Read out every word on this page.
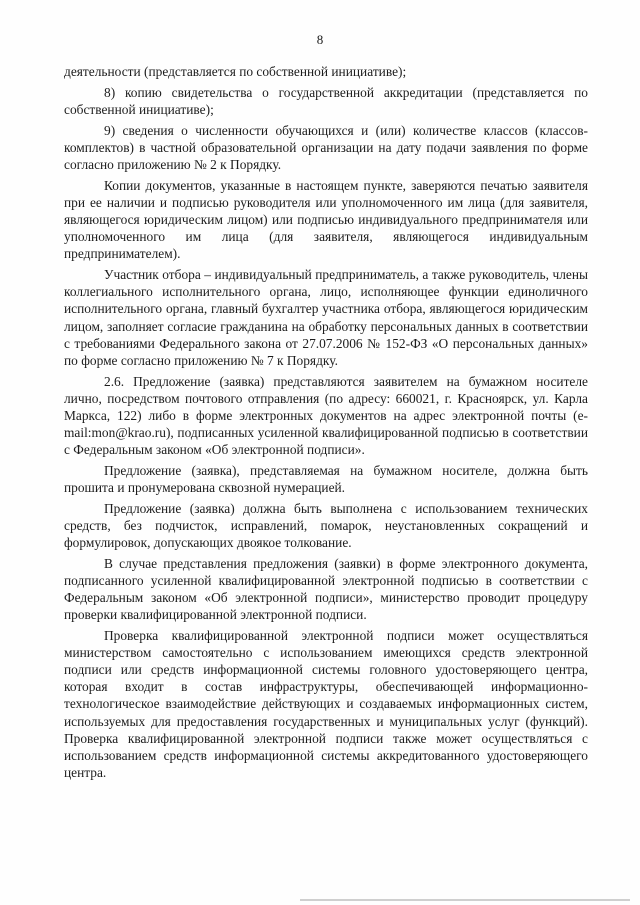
8

деятельности (представляется по собственной инициативе);

8) копию свидетельства о государственной аккредитации (представляется по собственной инициативе);

9) сведения о численности обучающихся и (или) количестве классов (классов-комплектов) в частной образовательной организации на дату подачи заявления по форме согласно приложению № 2 к Порядку.

Копии документов, указанные в настоящем пункте, заверяются печатью заявителя при ее наличии и подписью руководителя или уполномоченного им лица (для заявителя, являющегося юридическим лицом) или подписью индивидуального предпринимателя или уполномоченного им лица (для заявителя, являющегося индивидуальным предпринимателем).

Участник отбора – индивидуальный предприниматель, а также руководитель, члены коллегиального исполнительного органа, лицо, исполняющее функции единоличного исполнительного органа, главный бухгалтер участника отбора, являющегося юридическим лицом, заполняет согласие гражданина на обработку персональных данных в соответствии с требованиями Федерального закона от 27.07.2006 № 152-ФЗ «О персональных данных» по форме согласно приложению № 7 к Порядку.

2.6. Предложение (заявка) представляются заявителем на бумажном носителе лично, посредством почтового отправления (по адресу: 660021, г. Красноярск, ул. Карла Маркса, 122) либо в форме электронных документов на адрес электронной почты (e-mail:mon@krao.ru), подписанных усиленной квалифицированной подписью в соответствии с Федеральным законом «Об электронной подписи».

Предложение (заявка), представляемая на бумажном носителе, должна быть прошита и пронумерована сквозной нумерацией.

Предложение (заявка) должна быть выполнена с использованием технических средств, без подчисток, исправлений, помарок, неустановленных сокращений и формулировок, допускающих двоякое толкование.

В случае представления предложения (заявки) в форме электронного документа, подписанного усиленной квалифицированной электронной подписью в соответствии с Федеральным законом «Об электронной подписи», министерство проводит процедуру проверки квалифицированной электронной подписи.

Проверка квалифицированной электронной подписи может осуществляться министерством самостоятельно с использованием имеющихся средств электронной подписи или средств информационной системы головного удостоверяющего центра, которая входит в состав инфраструктуры, обеспечивающей информационно-технологическое взаимодействие действующих и создаваемых информационных систем, используемых для предоставления государственных и муниципальных услуг (функций). Проверка квалифицированной электронной подписи также может осуществляться с использованием средств информационной системы аккредитованного удостоверяющего центра.
